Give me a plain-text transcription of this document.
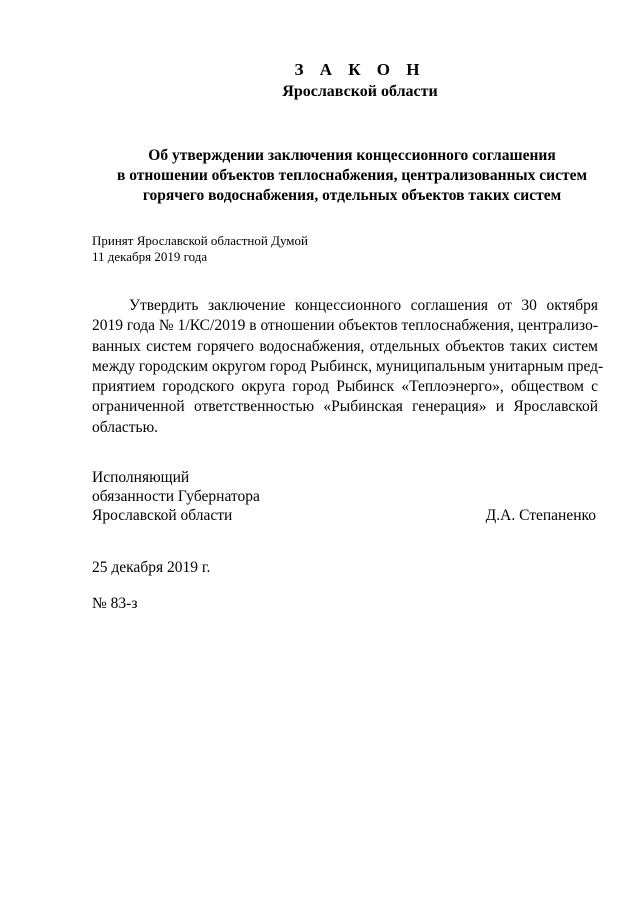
З А К О Н
Ярославской области
Об утверждении заключения концессионного соглашения
в отношении объектов теплоснабжения, централизованных систем
горячего водоснабжения, отдельных объектов таких систем
Принят Ярославской областной Думой
11 декабря 2019 года
Утвердить заключение концессионного соглашения от 30 октября
2019 года № 1/КС/2019 в отношении объектов теплоснабжения, централизо-
ванных систем горячего водоснабжения, отдельных объектов таких систем
между городским округом город Рыбинск, муниципальным унитарным пред-
приятием городского округа город Рыбинск «Теплоэнерго», обществом с
ограниченной ответственностью «Рыбинская генерация» и Ярославской
областью.
Исполняющий
обязанности Губернатора
Ярославской области	Д.А. Степаненко
25 декабря 2019 г.
№ 83-з
